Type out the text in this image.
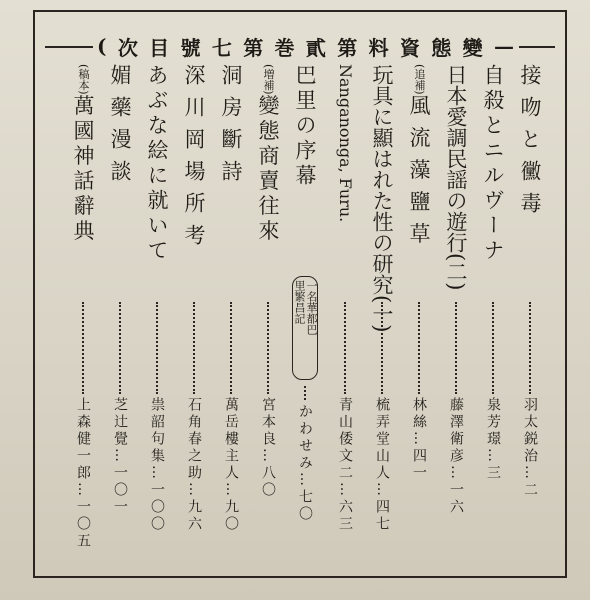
( 次 目 號 七 第 巻 貳 第 料 資 態 變 —
接吻と黴毒
羽太鋭治…二
自殺とニルヴーナ
泉芳璟…三
日本愛調民謡の遊行(二)
藤澤衛彦…一六
(追補)風流藻鹽草
林絲…四一
玩具に顯はれた性の研究(一)
梳弄堂山人…四七
Nanganonga, Furu.
青山倭文二…六三
巴里の序幕
一名華都巴
里繁昌記
かわせみ…七〇
(増補)變態商賣往來
宮本良…八〇
洞房斷詩
萬岳樓主人…九〇
深川岡場所考
石角春之助…九六
あぶな絵に就いて
祟韶句集…一〇〇
媚藥漫談
芝辻覺…一〇一
(稿本)萬國神話辭典
上森健一郎…一〇五
